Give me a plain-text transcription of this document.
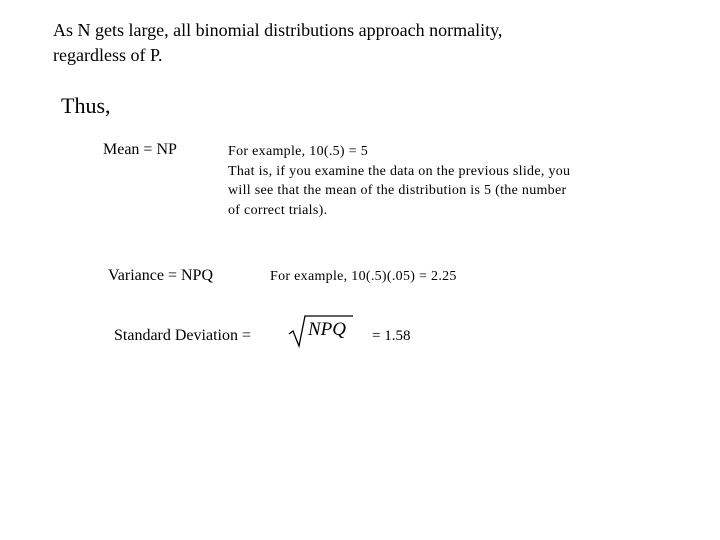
As N gets large, all binomial distributions approach normality,
regardless of P.
Thus,
Mean = NP	For example, 10(.5) = 5
That is, if you examine the data on the previous slide, you
will see that the mean of the distribution is 5 (the number
of correct trials).
Variance = NPQ	For example, 10(.5)(.05) = 2.25
Standard Deviation =	NPQ = 1.58
